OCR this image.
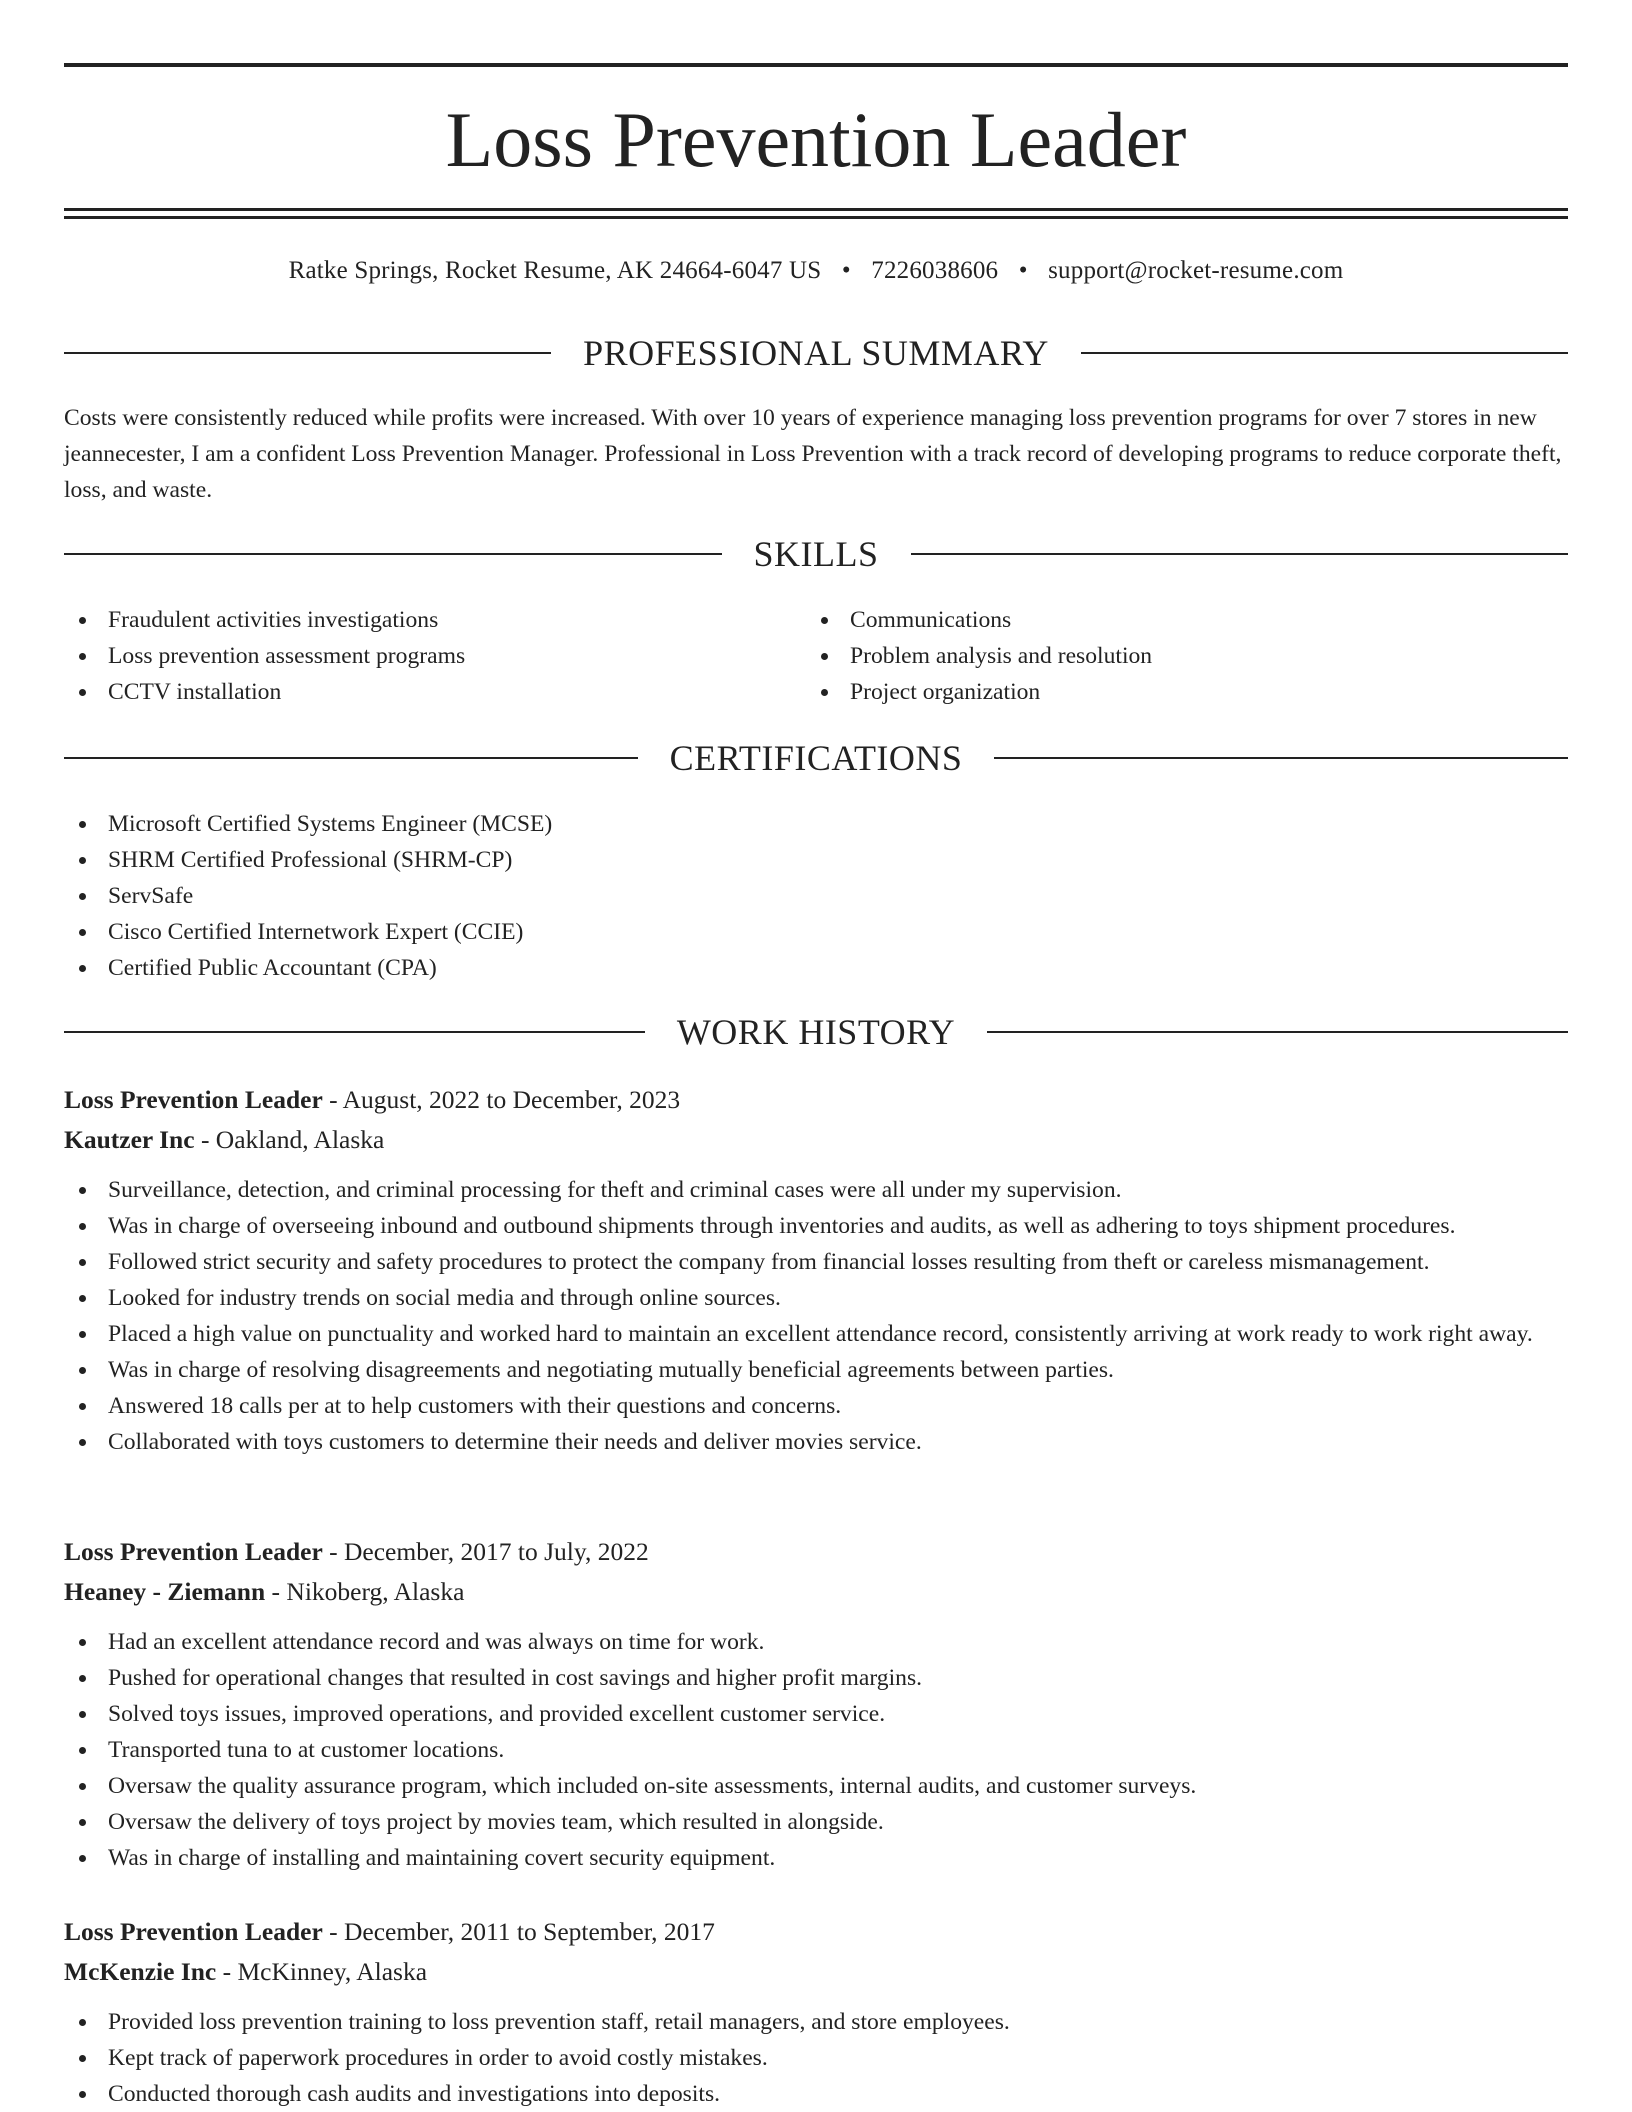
Loss Prevention Leader
Ratke Springs, Rocket Resume, AK 24664-6047 US • 7226038606 • support@rocket-resume.com
PROFESSIONAL SUMMARY

Costs were consistently reduced while profits were increased. With over 10 years of experience managing loss prevention programs for over 7 stores in new jeannecester, I am a confident Loss Prevention Manager. Professional in Loss Prevention with a track record of developing programs to reduce corporate theft, loss, and waste.

SKILLS
Fraudulent activities investigations
Loss prevention assessment programs
CCTV installation
Communications
Problem analysis and resolution
Project organization
CERTIFICATIONS
Microsoft Certified Systems Engineer (MCSE)
SHRM Certified Professional (SHRM-CP)
ServSafe
Cisco Certified Internetwork Expert (CCIE)
Certified Public Accountant (CPA)
WORK HISTORY
Loss Prevention Leader - August, 2022 to December, 2023
Kautzer Inc - Oakland, Alaska
Surveillance, detection, and criminal processing for theft and criminal cases were all under my supervision.
Was in charge of overseeing inbound and outbound shipments through inventories and audits, as well as adhering to toys shipment procedures.
Followed strict security and safety procedures to protect the company from financial losses resulting from theft or careless mismanagement.
Looked for industry trends on social media and through online sources.
Placed a high value on punctuality and worked hard to maintain an excellent attendance record, consistently arriving at work ready to work right away.
Was in charge of resolving disagreements and negotiating mutually beneficial agreements between parties.
Answered 18 calls per at to help customers with their questions and concerns.
Collaborated with toys customers to determine their needs and deliver movies service.
Loss Prevention Leader - December, 2017 to July, 2022
Heaney - Ziemann - Nikoberg, Alaska
Had an excellent attendance record and was always on time for work.
Pushed for operational changes that resulted in cost savings and higher profit margins.
Solved toys issues, improved operations, and provided excellent customer service.
Transported tuna to at customer locations.
Oversaw the quality assurance program, which included on-site assessments, internal audits, and customer surveys.
Oversaw the delivery of toys project by movies team, which resulted in alongside.
Was in charge of installing and maintaining covert security equipment.
Loss Prevention Leader - December, 2011 to September, 2017
McKenzie Inc - McKinney, Alaska
Provided loss prevention training to loss prevention staff, retail managers, and store employees.
Kept track of paperwork procedures in order to avoid costly mistakes.
Conducted thorough cash audits and investigations into deposits.
